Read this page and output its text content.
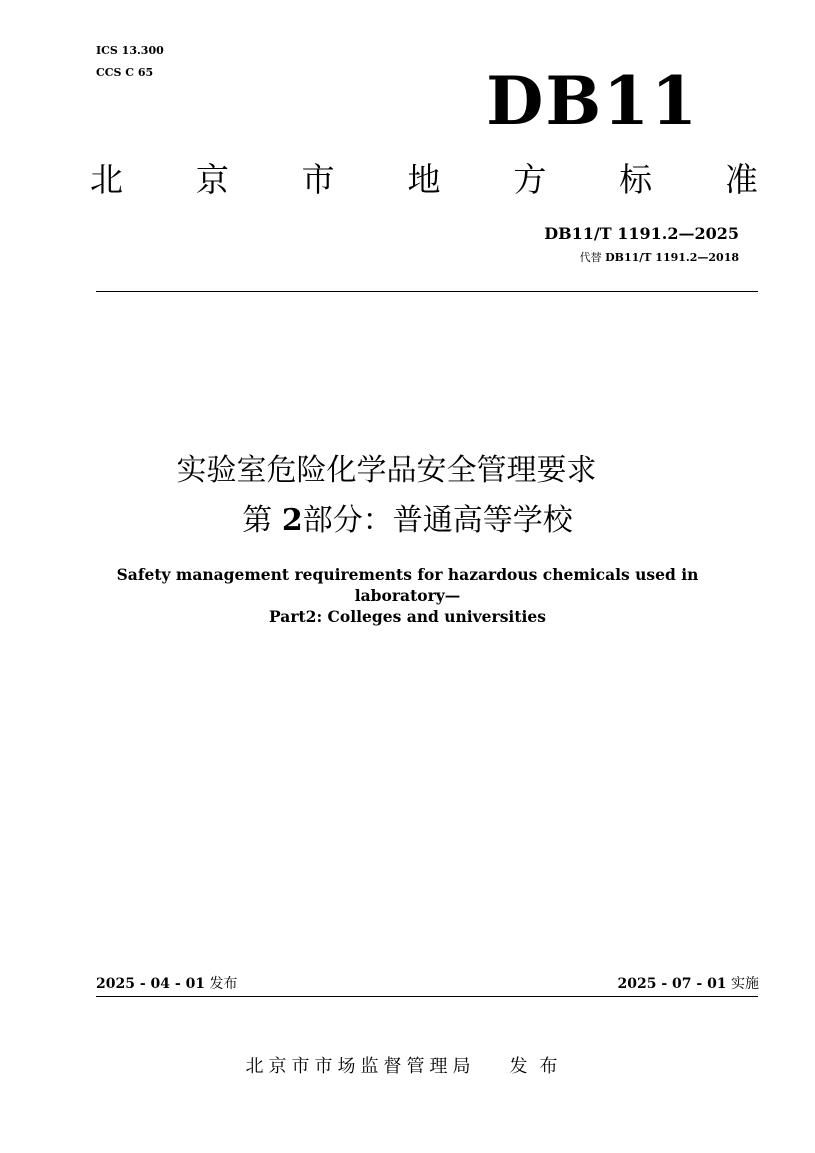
ICS 13.300
CCS C 65	DB11
北 京 市 地 方 标 准
DB11/T 1191.2—2025
代替 DB11/T 1191.2—2018
实验室危险化学品安全管理要求
第 2部分：普通高等学校
Safety management requirements for hazardous chemicals used in
laboratory—
Part2: Colleges and universities
2025 - 04 - 01 发布	2025 - 07 - 01 实施
北京市市场监督管理局 发布
